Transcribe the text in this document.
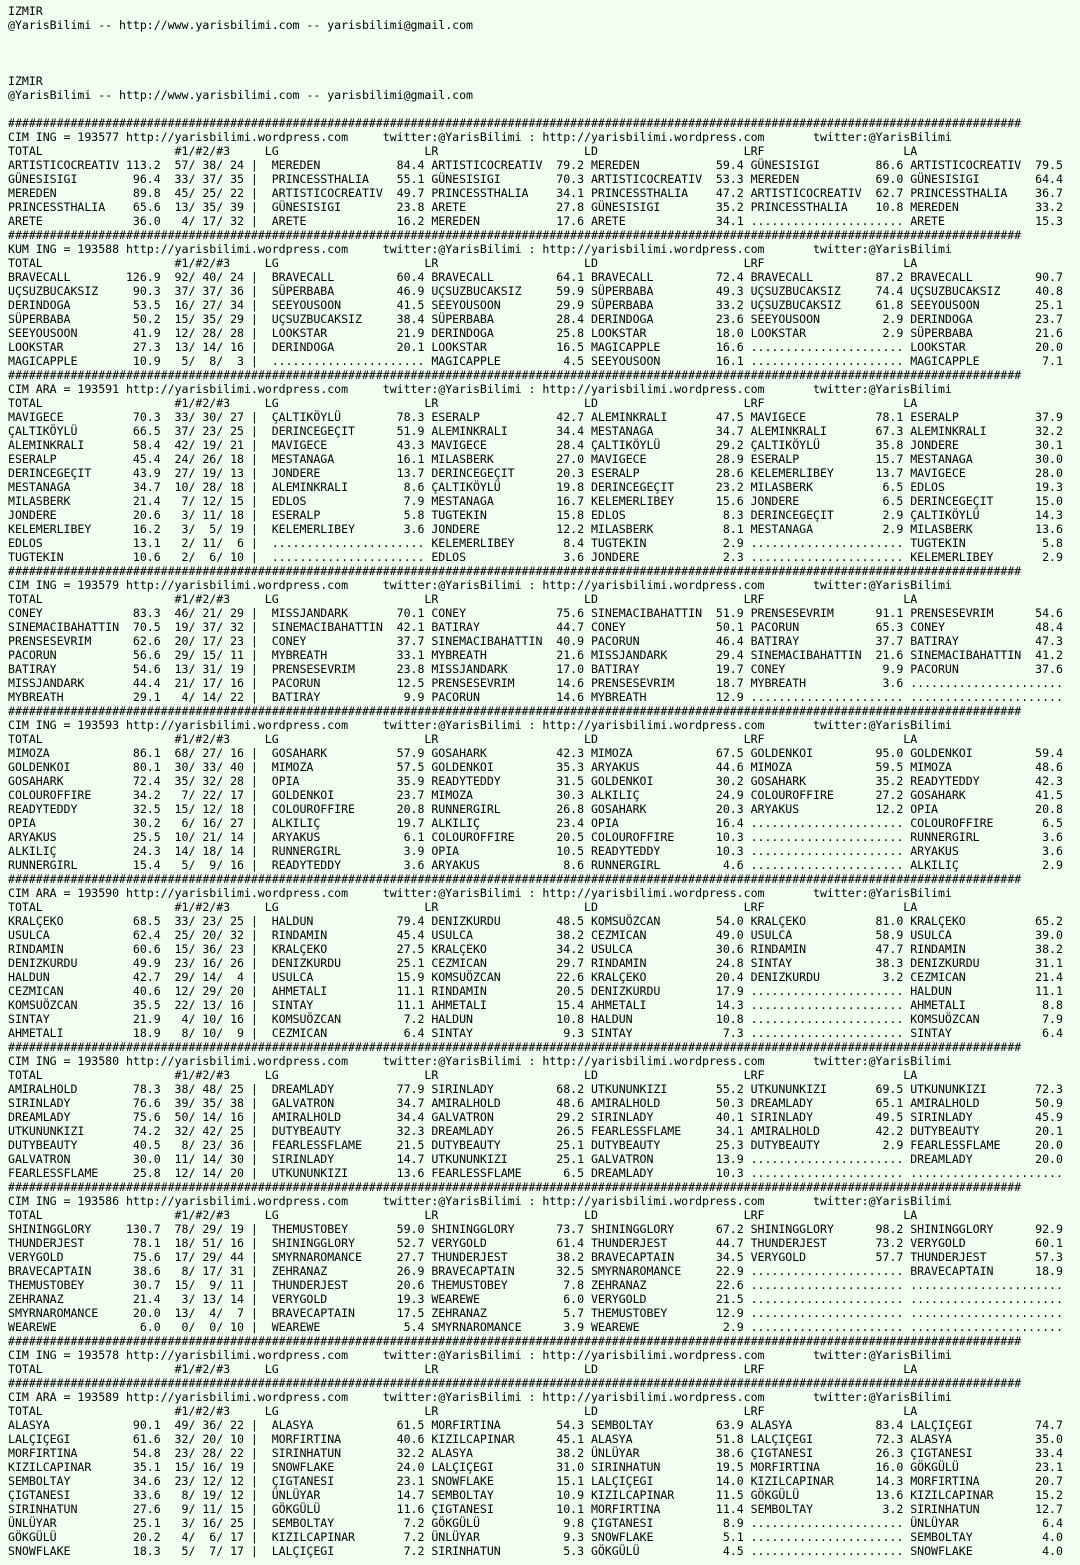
IZMIR
@YarisBilimi -- http://www.yarisbilimi.com -- yarisbilimi@gmail.com
IZMIR
@YarisBilimi -- http://www.yarisbilimi.com -- yarisbilimi@gmail.com
##################################################################################################################################################
CIM ING = 193577 http://yarisbilimi.wordpress.com     twitter:@YarisBilimi : http://yarisbilimi.wordpress.com       twitter:@YarisBilimi
TOTAL                   #1/#2/#3     LG                     LR                     LD                     LRF                    LA
ARTISTICOCREATIV 113.2  57/ 38/ 24 |  MEREDEN           84.4 ARTISTICOCREATIV  79.2 MEREDEN           59.4 GÜNESISIGI        86.6 ARTISTICOCREATIV  79.5
GÜNESISIGI        96.4  33/ 37/ 35 |  PRINCESSTHALIA    55.1 GÜNESISIGI        70.3 ARTISTICOCREATIV  53.3 MEREDEN           69.0 GÜNESISIGI        64.4
MEREDEN           89.8  45/ 25/ 22 |  ARTISTICOCREATIV  49.7 PRINCESSTHALIA    34.1 PRINCESSTHALIA    47.2 ARTISTICOCREATIV  62.7 PRINCESSTHALIA    36.7
PRINCESSTHALIA    65.6  13/ 35/ 39 |  GÜNESISIGI        23.8 ARETE             27.8 GÜNESISIGI        35.2 PRINCESSTHALIA    10.8 MEREDEN           33.2
ARETE             36.0   4/ 17/ 32 |  ARETE             16.2 MEREDEN           17.6 ARETE             34.1 ...................... ARETE             15.3
##################################################################################################################################################
KUM ING = 193588 http://yarisbilimi.wordpress.com     twitter:@YarisBilimi : http://yarisbilimi.wordpress.com       twitter:@YarisBilimi
TOTAL                   #1/#2/#3     LG                     LR                     LD                     LRF                    LA
BRAVECALL        126.9  92/ 40/ 24 |  BRAVECALL         60.4 BRAVECALL         64.1 BRAVECALL         72.4 BRAVECALL         87.2 BRAVECALL         90.7
UÇSUZBUCAKSIZ     90.3  37/ 37/ 36 |  SÜPERBABA         46.9 UÇSUZBUCAKSIZ     59.9 SÜPERBABA         49.3 UÇSUZBUCAKSIZ     74.4 UÇSUZBUCAKSIZ     40.8
DERINDOGA         53.5  16/ 27/ 34 |  SEEYOUSOON        41.5 SEEYOUSOON        29.9 SÜPERBABA         33.2 UÇSUZBUCAKSIZ     61.8 SEEYOUSOON        25.1
SÜPERBABA         50.2  15/ 35/ 29 |  UÇSUZBUCAKSIZ     38.4 SÜPERBABA         28.4 DERINDOGA         23.6 SEEYOUSOON         2.9 DERINDOGA         23.7
SEEYOUSOON        41.9  12/ 28/ 28 |  LOOKSTAR          21.9 DERINDOGA         25.8 LOOKSTAR          18.0 LOOKSTAR           2.9 SÜPERBABA         21.6
LOOKSTAR          27.3  13/ 14/ 16 |  DERINDOGA         20.1 LOOKSTAR          16.5 MAGICAPPLE        16.6 ...................... LOOKSTAR          20.0
MAGICAPPLE        10.9   5/  8/  3 |  ...................... MAGICAPPLE         4.5 SEEYOUSOON        16.1 ...................... MAGICAPPLE         7.1
##################################################################################################################################################
CIM ARA = 193591 http://yarisbilimi.wordpress.com     twitter:@YarisBilimi : http://yarisbilimi.wordpress.com       twitter:@YarisBilimi
TOTAL                   #1/#2/#3     LG                     LR                     LD                     LRF                    LA
MAVIGECE          70.3  33/ 30/ 27 |  ÇALTIKÖYLÜ        78.3 ESERALP           42.7 ALEMINKRALI       47.5 MAVIGECE          78.1 ESERALP           37.9
ÇALTIKÖYLÜ        66.5  37/ 23/ 25 |  DERINCEGEÇIT      51.9 ALEMINKRALI       34.4 MESTANAGA         34.7 ALEMINKRALI       67.3 ALEMINKRALI       32.2
ALEMINKRALI       58.4  42/ 19/ 21 |  MAVIGECE          43.3 MAVIGECE          28.4 ÇALTIKÖYLÜ        29.2 ÇALTIKÖYLÜ        35.8 JONDERE           30.1
ESERALP           45.4  24/ 26/ 18 |  MESTANAGA         16.1 MILASBERK         27.0 MAVIGECE          28.9 ESERALP           15.7 MESTANAGA         30.0
DERINCEGEÇIT      43.9  27/ 19/ 13 |  JONDERE           13.7 DERINCEGEÇIT      20.3 ESERALP           28.6 KELEMERLIBEY      13.7 MAVIGECE          28.0
MESTANAGA         34.7  10/ 28/ 18 |  ALEMINKRALI        8.6 ÇALTIKÖYLÜ        19.8 DERINCEGEÇIT      23.2 MILASBERK          6.5 EDLOS             19.3
MILASBERK         21.4   7/ 12/ 15 |  EDLOS              7.9 MESTANAGA         16.7 KELEMERLIBEY      15.6 JONDERE            6.5 DERINCEGEÇIT      15.0
JONDERE           20.6   3/ 11/ 18 |  ESERALP            5.8 TUGTEKIN          15.8 EDLOS              8.3 DERINCEGEÇIT       2.9 ÇALTIKÖYLÜ        14.3
KELEMERLIBEY      16.2   3/  5/ 19 |  KELEMERLIBEY       3.6 JONDERE           12.2 MILASBERK          8.1 MESTANAGA          2.9 MILASBERK         13.6
EDLOS             13.1   2/ 11/  6 |  ...................... KELEMERLIBEY       8.4 TUGTEKIN           2.9 ...................... TUGTEKIN           5.8
TUGTEKIN          10.6   2/  6/ 10 |  ...................... EDLOS              3.6 JONDERE            2.3 ...................... KELEMERLIBEY       2.9
##################################################################################################################################################
CIM ING = 193579 http://yarisbilimi.wordpress.com     twitter:@YarisBilimi : http://yarisbilimi.wordpress.com       twitter:@YarisBilimi
TOTAL                   #1/#2/#3     LG                     LR                     LD                     LRF                    LA
CONEY             83.3  46/ 21/ 29 |  MISSJANDARK       70.1 CONEY             75.6 SINEMACIBAHATTIN  51.9 PRENSESEVRIM      91.1 PRENSESEVRIM      54.6
SINEMACIBAHATTIN  70.5  19/ 37/ 32 |  SINEMACIBAHATTIN  42.1 BATIRAY           44.7 CONEY             50.1 PACORUN           65.3 CONEY             48.4
PRENSESEVRIM      62.6  20/ 17/ 23 |  CONEY             37.7 SINEMACIBAHATTIN  40.9 PACORUN           46.4 BATIRAY           37.7 BATIRAY           47.3
PACORUN           56.6  29/ 15/ 11 |  MYBREATH          33.1 MYBREATH          21.6 MISSJANDARK       29.4 SINEMACIBAHATTIN  21.6 SINEMACIBAHATTIN  41.2
BATIRAY           54.6  13/ 31/ 19 |  PRENSESEVRIM      23.8 MISSJANDARK       17.0 BATIRAY           19.7 CONEY              9.9 PACORUN           37.6
MISSJANDARK       44.4  21/ 17/ 16 |  PACORUN           12.5 PRENSESEVRIM      14.6 PRENSESEVRIM      18.7 MYBREATH           3.6 ......................
MYBREATH          29.1   4/ 14/ 22 |  BATIRAY            9.9 PACORUN           14.6 MYBREATH          12.9 ...................... ......................
##################################################################################################################################################
CIM ING = 193593 http://yarisbilimi.wordpress.com     twitter:@YarisBilimi : http://yarisbilimi.wordpress.com       twitter:@YarisBilimi
TOTAL                   #1/#2/#3     LG                     LR                     LD                     LRF                    LA
MIMOZA            86.1  68/ 27/ 16 |  GOSAHARK          57.9 GOSAHARK          42.3 MIMOZA            67.5 GOLDENKOI         95.0 GOLDENKOI         59.4
GOLDENKOI         80.1  30/ 33/ 40 |  MIMOZA            57.5 GOLDENKOI         35.3 ARYAKUS           44.6 MIMOZA            59.5 MIMOZA            48.6
GOSAHARK          72.4  35/ 32/ 28 |  OPIA              35.9 READYTEDDY        31.5 GOLDENKOI         30.2 GOSAHARK          35.2 READYTEDDY        42.3
COLOUROFFIRE      34.2   7/ 22/ 17 |  GOLDENKOI         23.7 MIMOZA            30.3 ALKILIÇ           24.9 COLOUROFFIRE      27.2 GOSAHARK          41.5
READYTEDDY        32.5  15/ 12/ 18 |  COLOUROFFIRE      20.8 RUNNERGIRL        26.8 GOSAHARK          20.3 ARYAKUS           12.2 OPIA              20.8
OPIA              30.2   6/ 16/ 27 |  ALKILIÇ           19.7 ALKILIÇ           23.4 OPIA              16.4 ...................... COLOUROFFIRE       6.5
ARYAKUS           25.5  10/ 21/ 14 |  ARYAKUS            6.1 COLOUROFFIRE      20.5 COLOUROFFIRE      10.3 ...................... RUNNERGIRL         3.6
ALKILIÇ           24.3  14/ 18/ 14 |  RUNNERGIRL         3.9 OPIA              10.5 READYTEDDY        10.3 ...................... ARYAKUS            3.6
RUNNERGIRL        15.4   5/  9/ 16 |  READYTEDDY         3.6 ARYAKUS            8.6 RUNNERGIRL         4.6 ...................... ALKILIÇ            2.9
##################################################################################################################################################
CIM ARA = 193590 http://yarisbilimi.wordpress.com     twitter:@YarisBilimi : http://yarisbilimi.wordpress.com       twitter:@YarisBilimi
TOTAL                   #1/#2/#3     LG                     LR                     LD                     LRF                    LA
KRALÇEKO          68.5  33/ 23/ 25 |  HALDUN            79.4 DENIZKURDU        48.5 KOMSUÖZCAN        54.0 KRALÇEKO          81.0 KRALÇEKO          65.2
USULCA            62.4  25/ 20/ 32 |  RINDAMIN          45.4 USULCA            38.2 CEZMICAN          49.0 USULCA            58.9 USULCA            39.0
RINDAMIN          60.6  15/ 36/ 23 |  KRALÇEKO          27.5 KRALÇEKO          34.2 USULCA            30.6 RINDAMIN          47.7 RINDAMIN          38.2
DENIZKURDU        49.9  23/ 16/ 26 |  DENIZKURDU        25.1 CEZMICAN          29.7 RINDAMIN          24.8 SINTAY            38.3 DENIZKURDU        31.1
HALDUN            42.7  29/ 14/  4 |  USULCA            15.9 KOMSUÖZCAN        22.6 KRALÇEKO          20.4 DENIZKURDU         3.2 CEZMICAN          21.4
CEZMICAN          40.6  12/ 29/ 20 |  AHMETALI          11.1 RINDAMIN          20.5 DENIZKURDU        17.9 ...................... HALDUN            11.1
KOMSUÖZCAN        35.5  22/ 13/ 16 |  SINTAY            11.1 AHMETALI          15.4 AHMETALI          14.3 ...................... AHMETALI           8.8
SINTAY            21.9   4/ 10/ 16 |  KOMSUÖZCAN         7.2 HALDUN            10.8 HALDUN            10.8 ...................... KOMSUÖZCAN         7.9
AHMETALI          18.9   8/ 10/  9 |  CEZMICAN           6.4 SINTAY             9.3 SINTAY             7.3 ...................... SINTAY             6.4
##################################################################################################################################################
CIM ING = 193580 http://yarisbilimi.wordpress.com     twitter:@YarisBilimi : http://yarisbilimi.wordpress.com       twitter:@YarisBilimi
TOTAL                   #1/#2/#3     LG                     LR                     LD                     LRF                    LA
AMIRALHOLD        78.3  38/ 48/ 25 |  DREAMLADY         77.9 SIRINLADY         68.2 UTKUNUNKIZI       55.2 UTKUNUNKIZI       69.5 UTKUNUNKIZI       72.3
SIRINLADY         76.6  39/ 35/ 38 |  GALVATRON         34.7 AMIRALHOLD        48.6 AMIRALHOLD        50.3 DREAMLADY         65.1 AMIRALHOLD        50.9
DREAMLADY         75.6  50/ 14/ 16 |  AMIRALHOLD        34.4 GALVATRON         29.2 SIRINLADY         40.1 SIRINLADY         49.5 SIRINLADY         45.9
UTKUNUNKIZI       74.2  32/ 42/ 25 |  DUTYBEAUTY        32.3 DREAMLADY         26.5 FEARLESSFLAME     34.1 AMIRALHOLD        42.2 DUTYBEAUTY        20.1
DUTYBEAUTY        40.5   8/ 23/ 36 |  FEARLESSFLAME     21.5 DUTYBEAUTY        25.1 DUTYBEAUTY        25.3 DUTYBEAUTY         2.9 FEARLESSFLAME     20.0
GALVATRON         30.0  11/ 14/ 30 |  SIRINLADY         14.7 UTKUNUNKIZI       25.1 GALVATRON         13.9 ...................... DREAMLADY         20.0
FEARLESSFLAME     25.8  12/ 14/ 20 |  UTKUNUNKIZI       13.6 FEARLESSFLAME      6.5 DREAMLADY         10.3 ...................... ......................
##################################################################################################################################################
CIM ING = 193586 http://yarisbilimi.wordpress.com     twitter:@YarisBilimi : http://yarisbilimi.wordpress.com       twitter:@YarisBilimi
TOTAL                   #1/#2/#3     LG                     LR                     LD                     LRF                    LA
SHININGGLORY     130.7  78/ 29/ 19 |  THEMUSTOBEY       59.0 SHININGGLORY      73.7 SHININGGLORY      67.2 SHININGGLORY      98.2 SHININGGLORY      92.9
THUNDERJEST       78.1  18/ 51/ 16 |  SHININGGLORY      52.7 VERYGOLD          61.4 THUNDERJEST       44.7 THUNDERJEST       73.2 VERYGOLD          60.1
VERYGOLD          75.6  17/ 29/ 44 |  SMYRNAROMANCE     27.7 THUNDERJEST       38.2 BRAVECAPTAIN      34.5 VERYGOLD          57.7 THUNDERJEST       57.3
BRAVECAPTAIN      38.6   8/ 17/ 31 |  ZEHRANAZ          26.9 BRAVECAPTAIN      32.5 SMYRNAROMANCE     22.9 ...................... BRAVECAPTAIN      18.9
THEMUSTOBEY       30.7  15/  9/ 11 |  THUNDERJEST       20.6 THEMUSTOBEY        7.8 ZEHRANAZ          22.6 ...................... ......................
ZEHRANAZ          21.4   3/ 13/ 14 |  VERYGOLD          19.3 WEAREWE            6.0 VERYGOLD          21.5 ...................... ......................
SMYRNAROMANCE     20.0  13/  4/  7 |  BRAVECAPTAIN      17.5 ZEHRANAZ           5.7 THEMUSTOBEY       12.9 ...................... ......................
WEAREWE            6.0   0/  0/ 10 |  WEAREWE            5.4 SMYRNAROMANCE      3.9 WEAREWE            2.9 ...................... ......................
##################################################################################################################################################
CIM ING = 193578 http://yarisbilimi.wordpress.com     twitter:@YarisBilimi : http://yarisbilimi.wordpress.com       twitter:@YarisBilimi
TOTAL                   #1/#2/#3     LG                     LR                     LD                     LRF                    LA
##################################################################################################################################################
CIM ARA = 193589 http://yarisbilimi.wordpress.com     twitter:@YarisBilimi : http://yarisbilimi.wordpress.com       twitter:@YarisBilimi
TOTAL                   #1/#2/#3     LG                     LR                     LD                     LRF                    LA
ALASYA            90.1  49/ 36/ 22 |  ALASYA            61.5 MORFIRTINA        54.3 SEMBOLTAY         63.9 ALASYA            83.4 LALÇIÇEGI         74.7
LALÇIÇEGI         61.6  32/ 20/ 10 |  MORFIRTINA        40.6 KIZILCAPINAR      45.1 ALASYA            51.8 LALÇIÇEGI         72.3 ALASYA            35.0
MORFIRTINA        54.8  23/ 28/ 22 |  SIRINHATUN        32.2 ALASYA            38.2 ÜNLÜYAR           38.6 ÇIGTANESI         26.3 ÇIGTANESI         33.4
KIZILCAPINAR      35.1  15/ 16/ 19 |  SNOWFLAKE         24.0 LALÇIÇEGI         31.0 SIRINHATUN        19.5 MORFIRTINA        16.0 GÖKGÜLÜ           23.1
SEMBOLTAY         34.6  23/ 12/ 12 |  ÇIGTANESI         23.1 SNOWFLAKE         15.1 LALÇIÇEGI         14.0 KIZILCAPINAR      14.3 MORFIRTINA        20.7
ÇIGTANESI         33.6   8/ 19/ 12 |  ÜNLÜYAR           14.7 SEMBOLTAY         10.9 KIZILCAPINAR      11.5 GÖKGÜLÜ           13.6 KIZILCAPINAR      15.2
SIRINHATUN        27.6   9/ 11/ 15 |  GÖKGÜLÜ           11.6 ÇIGTANESI         10.1 MORFIRTINA        11.4 SEMBOLTAY          3.2 SIRINHATUN        12.7
ÜNLÜYAR           25.1   3/ 16/ 25 |  SEMBOLTAY          7.2 GÖKGÜLÜ            9.8 ÇIGTANESI          8.9 ...................... ÜNLÜYAR            6.4
GÖKGÜLÜ           20.2   4/  6/ 17 |  KIZILCAPINAR       7.2 ÜNLÜYAR            9.3 SNOWFLAKE          5.1 ...................... SEMBOLTAY          4.0
SNOWFLAKE         18.3   5/  7/ 17 |  LALÇIÇEGI          7.2 SIRINHATUN         5.3 GÖKGÜLÜ            4.5 ...................... SNOWFLAKE          4.0
